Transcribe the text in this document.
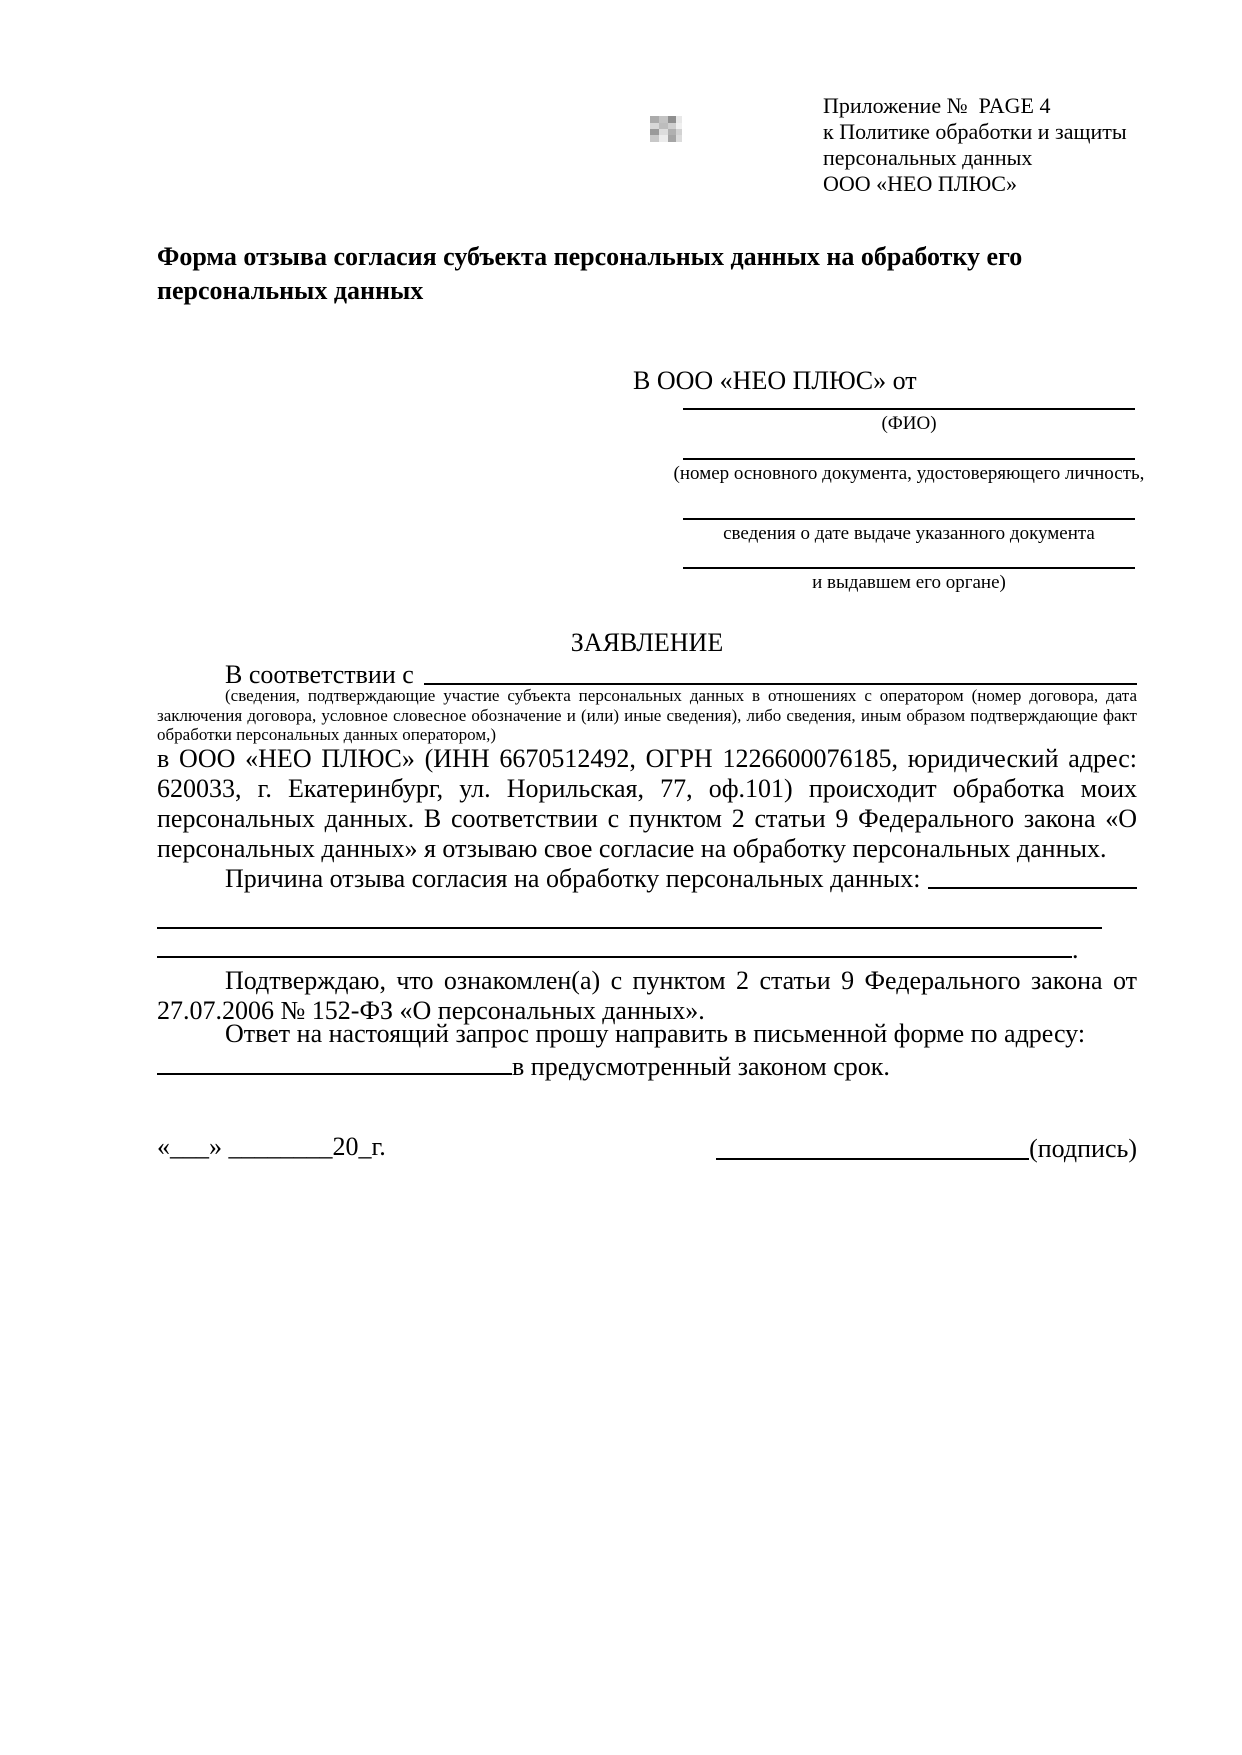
Приложение №  PAGE 4
к Политике обработки и защиты
персональных данных
ООО «НЕО ПЛЮС»
Форма отзыва согласия субъекта персональных данных на обработку его персональных данных
В ООО «НЕО ПЛЮС» от
(ФИО)
(номер основного документа, удостоверяющего личность,
сведения о дате выдаче указанного документа
и выдавшем его органе)
ЗАЯВЛЕНИЕ
В соответствии с
(сведения, подтверждающие участие субъекта персональных данных в отношениях с оператором (номер договора, дата заключения договора, условное словесное обозначение и (или) иные сведения), либо сведения, иным образом подтверждающие факт обработки персональных данных оператором,)
в ООО «НЕО ПЛЮС» (ИНН 6670512492, ОГРН 1226600076185, юридический адрес: 620033, г. Екатеринбург, ул. Норильская, 77, оф.101) происходит обработка моих персональных данных. В соответствии с пунктом 2 статьи 9 Федерального закона «О персональных данных» я отзываю свое согласие на обработку персональных данных.
Причина отзыва согласия на обработку персональных данных:
.
Подтверждаю, что ознакомлен(а) с пунктом 2 статьи 9 Федерального закона от 27.07.2006 № 152-ФЗ «О персональных данных».
Ответ на настоящий запрос прошу направить в письменной форме по адресу: в предусмотренный законом срок.
«___» ________20_г.	(подпись)
